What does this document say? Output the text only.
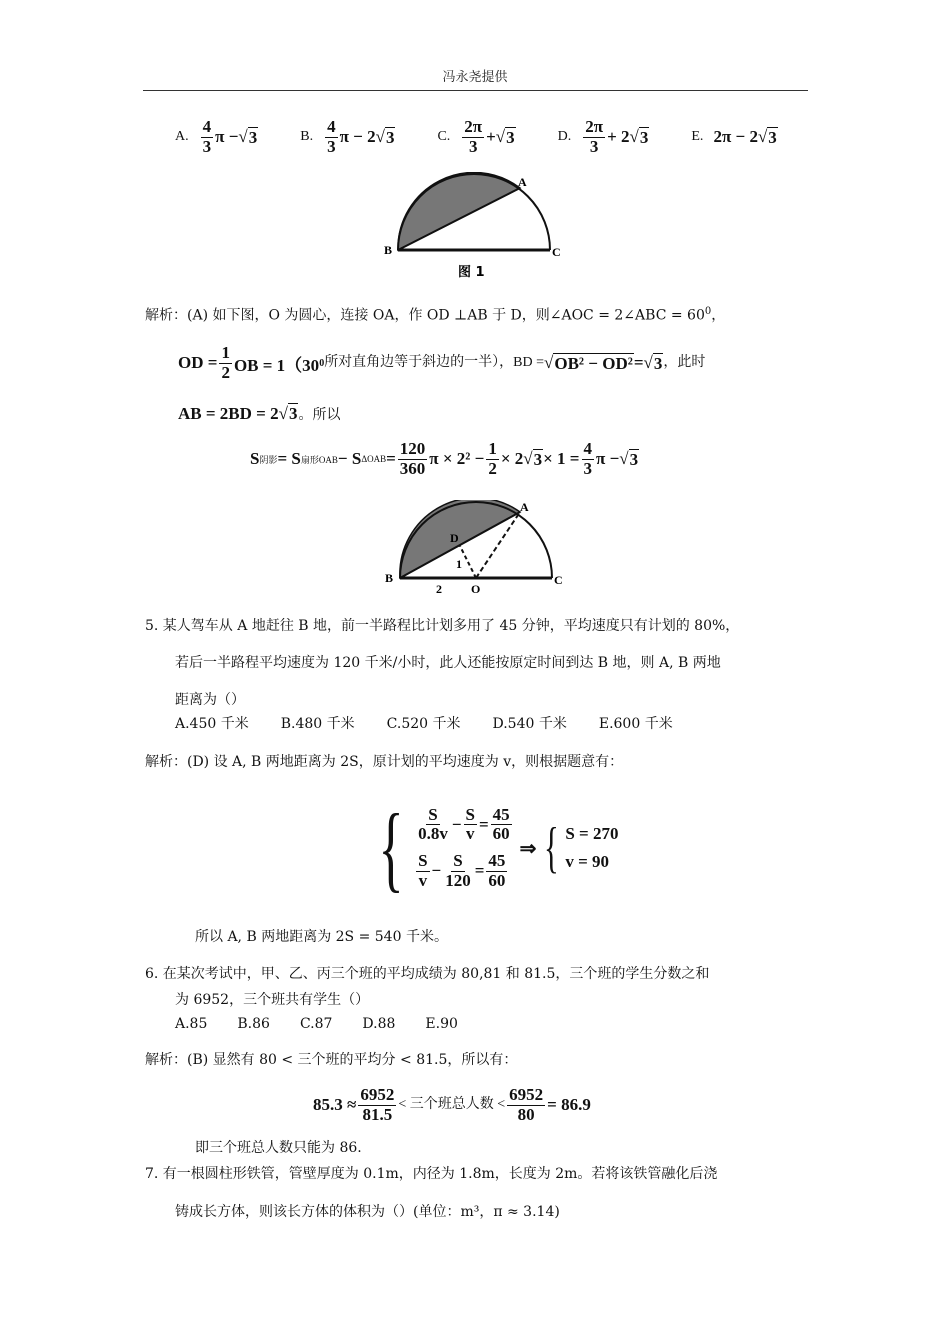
冯永尧提供
A. $\frac{4}{3}$ π − √ 3	B. $\frac{4}{3}$ π − 2 √ 3	C. $\frac{2\pi}{3}$ + √ 3	D. $\frac{2\pi}{3} + 2$ √ 3	E. 2π − 2 √ 3
A
B	C
图 1
解析：(A) 如下图，O 为圆心，连接 OA，作 OD ⊥AB 于 D，则∠AOC = 2∠ABC = $60^0$，
OD = $\frac{1}{2}$ OB = 1（30 0 所对直角边等于斜边的一半），BD = √ OB² − OD² = √ 3 ，此时
AB = 2BD = 2√3。所以
S 阴影 = S 扇形OAB − S $\Delta OAB = \frac{120}{360}$ $\pi \times 2^2 - \frac{1}{2} \times 2$ √ $3 \times 1 = \frac{4}{3}$ π − √ 3
A
B	C
D
O
1
2
5. 某人驾车从 A 地赶往 B 地，前一半路程比计划多用了 45 分钟，平均速度只有计划的 80%，
若后一半路程平均速度为 120 千米/小时，此人还能按原定时间到达 B 地，则 A, B 两地
距离为（）
A.450 千米 B.480 千米 C.520 千米 D.540 千米 E.600 千米
解析：(D) 设 A, B 两地距离为 2S，原计划的平均速度为 v，则根据题意有：
{ $\frac{S}{0.8v} - \frac{S}{v} = \frac{45}{60}$
$\frac{S}{v} - \frac{S}{120} = \frac{45}{60}$
⇒ { S = 270
v = 90
所以 A, B 两地距离为 2S = 540 千米。
6. 在某次考试中，甲、乙、丙三个班的平均成绩为 80,81 和 81.5，三个班的学生分数之和
为 6952，三个班共有学生（）
A.85 B.86 C.87 D.88 E.90
解析：(B) 显然有 80 < 三个班的平均分 < 81.5，所以有：
$85.3 \approx \frac{6952}{81.5}$ < 三个班总人数 < $\frac{6952}{80} = 86.9$
即三个班总人数只能为 86.
7. 有一根圆柱形铁管，管壁厚度为 0.1m，内径为 1.8m，长度为 2m。若将该铁管融化后浇
铸成长方体，则该长方体的体积为（）(单位：m³，π ≈ 3.14)
